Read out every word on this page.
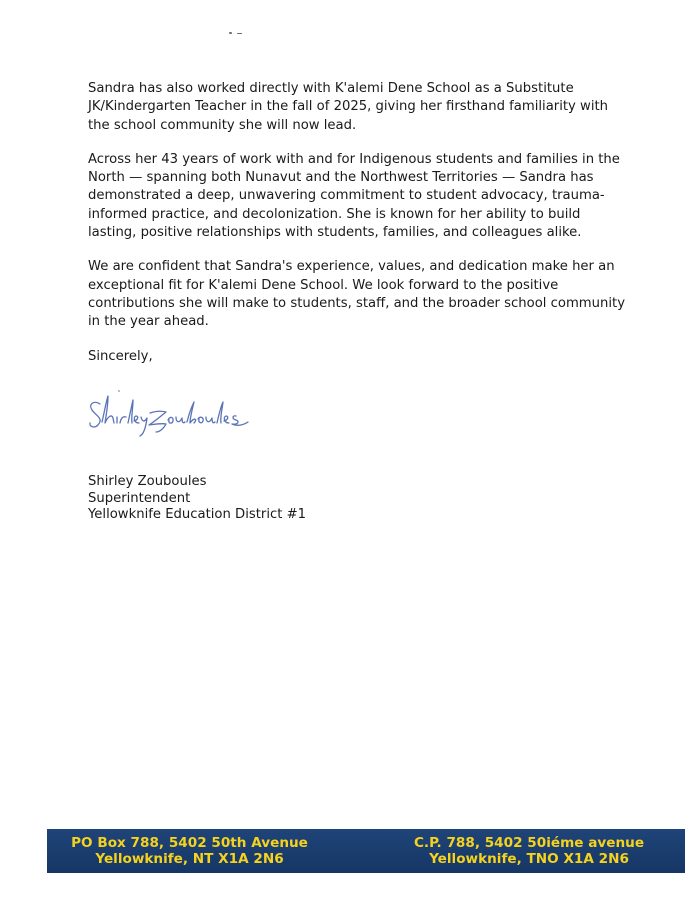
Sandra has also worked directly with K'alemi Dene School as a Substitute JK/Kindergarten Teacher in the fall of 2025, giving her firsthand familiarity with the school community she will now lead.

Across her 43 years of work with and for Indigenous students and families in the North — spanning both Nunavut and the Northwest Territories — Sandra has demonstrated a deep, unwavering commitment to student advocacy, trauma-informed practice, and decolonization. She is known for her ability to build lasting, positive relationships with students, families, and colleagues alike.

We are confident that Sandra's experience, values, and dedication make her an exceptional fit for K'alemi Dene School. We look forward to the positive contributions she will make to students, staff, and the broader school community in the year ahead.

Sincerely,

Shirley Zouboules
Superintendent
Yellowknife Education District #1
PO Box 788, 5402 50th Avenue
Yellowknife, NT X1A 2N6
C.P. 788, 5402 50iéme avenue
Yellowknife, TNO X1A 2N6
